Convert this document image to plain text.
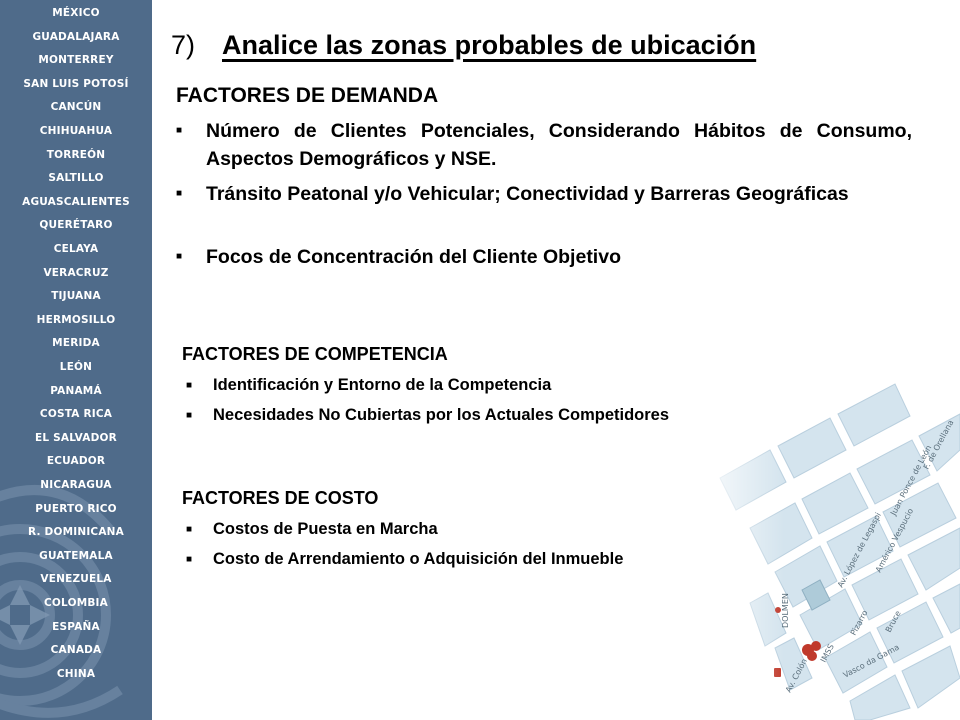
MÉXICO
GUADALAJARA
MONTERREY
SAN LUIS POTOSÍ
CANCÚN
CHIHUAHUA
TORREÓN
SALTILLO
AGUASCALIENTES
QUERÉTARO
CELAYA
VERACRUZ
TIJUANA
HERMOSILLO
MERIDA
LEÓN
PANAMÁ
COSTA RICA
EL SALVADOR
ECUADOR
NICARAGUA
PUERTO RICO
R. DOMINICANA
GUATEMALA
VENEZUELA
COLOMBIA
ESPAÑA
CANADA
CHINA
7) Analice las zonas probables de ubicación
FACTORES DE DEMANDA
■ Número de Clientes Potenciales, Considerando Hábitos de Consumo, Aspectos Demográficos y NSE.
■ Tránsito Peatonal y/o Vehicular; Conectividad y Barreras Geográficas
■ Focos de Concentración del Cliente Objetivo
FACTORES DE COMPETENCIA
■ Identificación y Entorno de la Competencia
■ Necesidades No Cubiertas por los Actuales Competidores
FACTORES DE COSTO
■ Costos de Puesta en Marcha
■ Costo de Arrendamiento o Adquisición del Inmueble
